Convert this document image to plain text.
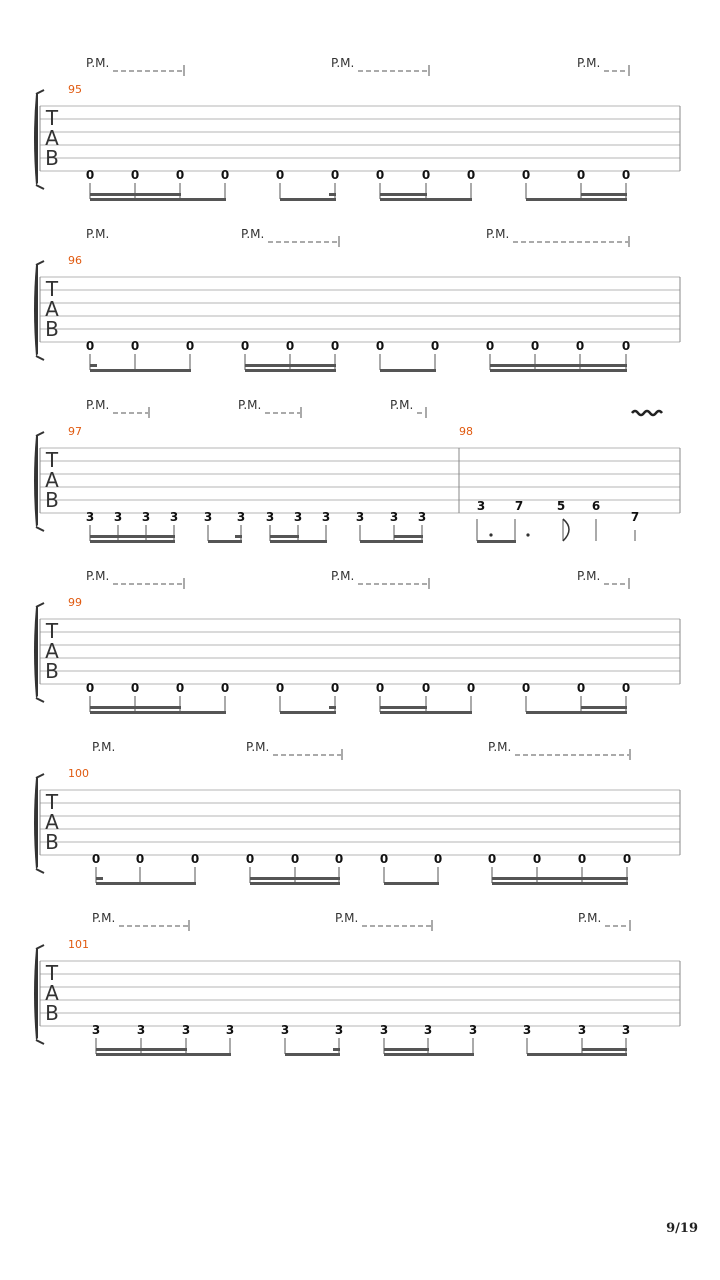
T
A
B
95
P.M.	P.M.	P.M.
0	0	0	0	0	0	0	0	0	0	0	0
T
A
B
96
P.M.	P.M.	P.M.
0	0	0	0	0	0	0	0	0	0	0	0
T
A
B
97	98
P.M.	P.M.	P.M.
3 3 3 3 3 3 3 3 3 3 3 3
3 7	5 6
7
T
A
B
99
P.M.	P.M.	P.M.
0	0	0	0	0	0	0	0	0	0	0	0
T
A
B
100
P.M.	P.M.	P.M.
0	0	0	0	0	0	0	0	0	0	0	0
T
A
B
101
P.M.	P.M.	P.M.
3	3	3	3	3	3	3	3	3	3	3	3
9/19
